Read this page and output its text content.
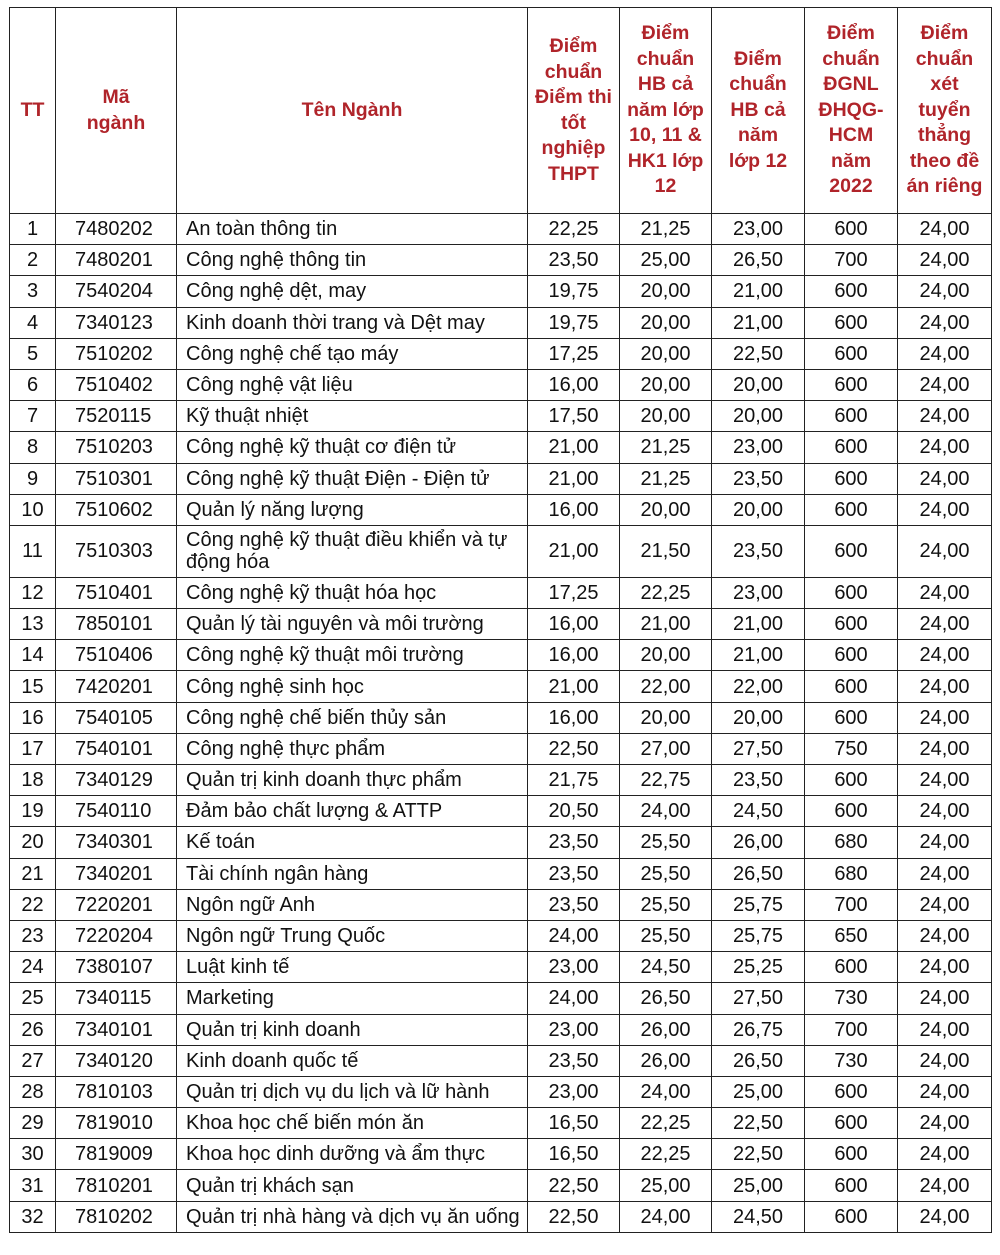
TT	Mã ngành	Tên Ngành	Điểm chuẩn Điểm thi tốt nghiệp THPT	Điểm chuẩn HB cả năm lớp 10, 11 & HK1 lớp 12	Điểm chuẩn HB cả năm lớp 12	Điểm chuẩn ĐGNL ĐHQG-HCM năm 2022	Điểm chuẩn xét tuyển thẳng theo đề án riêng
1	7480202	An toàn thông tin	22,25	21,25	23,00	600	24,00
2	7480201	Công nghệ thông tin	23,50	25,00	26,50	700	24,00
3	7540204	Công nghệ dệt, may	19,75	20,00	21,00	600	24,00
4	7340123	Kinh doanh thời trang và Dệt may	19,75	20,00	21,00	600	24,00
5	7510202	Công nghệ chế tạo máy	17,25	20,00	22,50	600	24,00
6	7510402	Công nghệ vật liệu	16,00	20,00	20,00	600	24,00
7	7520115	Kỹ thuật nhiệt	17,50	20,00	20,00	600	24,00
8	7510203	Công nghệ kỹ thuật cơ điện tử	21,00	21,25	23,00	600	24,00
9	7510301	Công nghệ kỹ thuật Điện - Điện tử	21,00	21,25	23,50	600	24,00
10	7510602	Quản lý năng lượng	16,00	20,00	20,00	600	24,00
11	7510303	Công nghệ kỹ thuật điều khiển và tự động hóa	21,00	21,50	23,50	600	24,00
12	7510401	Công nghệ kỹ thuật hóa học	17,25	22,25	23,00	600	24,00
13	7850101	Quản lý tài nguyên và môi trường	16,00	21,00	21,00	600	24,00
14	7510406	Công nghệ kỹ thuật môi trường	16,00	20,00	21,00	600	24,00
15	7420201	Công nghệ sinh học	21,00	22,00	22,00	600	24,00
16	7540105	Công nghệ chế biến thủy sản	16,00	20,00	20,00	600	24,00
17	7540101	Công nghệ thực phẩm	22,50	27,00	27,50	750	24,00
18	7340129	Quản trị kinh doanh thực phẩm	21,75	22,75	23,50	600	24,00
19	7540110	Đảm bảo chất lượng & ATTP	20,50	24,00	24,50	600	24,00
20	7340301	Kế toán	23,50	25,50	26,00	680	24,00
21	7340201	Tài chính ngân hàng	23,50	25,50	26,50	680	24,00
22	7220201	Ngôn ngữ Anh	23,50	25,50	25,75	700	24,00
23	7220204	Ngôn ngữ Trung Quốc	24,00	25,50	25,75	650	24,00
24	7380107	Luật kinh tế	23,00	24,50	25,25	600	24,00
25	7340115	Marketing	24,00	26,50	27,50	730	24,00
26	7340101	Quản trị kinh doanh	23,00	26,00	26,75	700	24,00
27	7340120	Kinh doanh quốc tế	23,50	26,00	26,50	730	24,00
28	7810103	Quản trị dịch vụ du lịch và lữ hành	23,00	24,00	25,00	600	24,00
29	7819010	Khoa học chế biến món ăn	16,50	22,25	22,50	600	24,00
30	7819009	Khoa học dinh dưỡng và ẩm thực	16,50	22,25	22,50	600	24,00
31	7810201	Quản trị khách sạn	22,50	25,00	25,00	600	24,00
32	7810202	Quản trị nhà hàng và dịch vụ ăn uống	22,50	24,00	24,50	600	24,00
